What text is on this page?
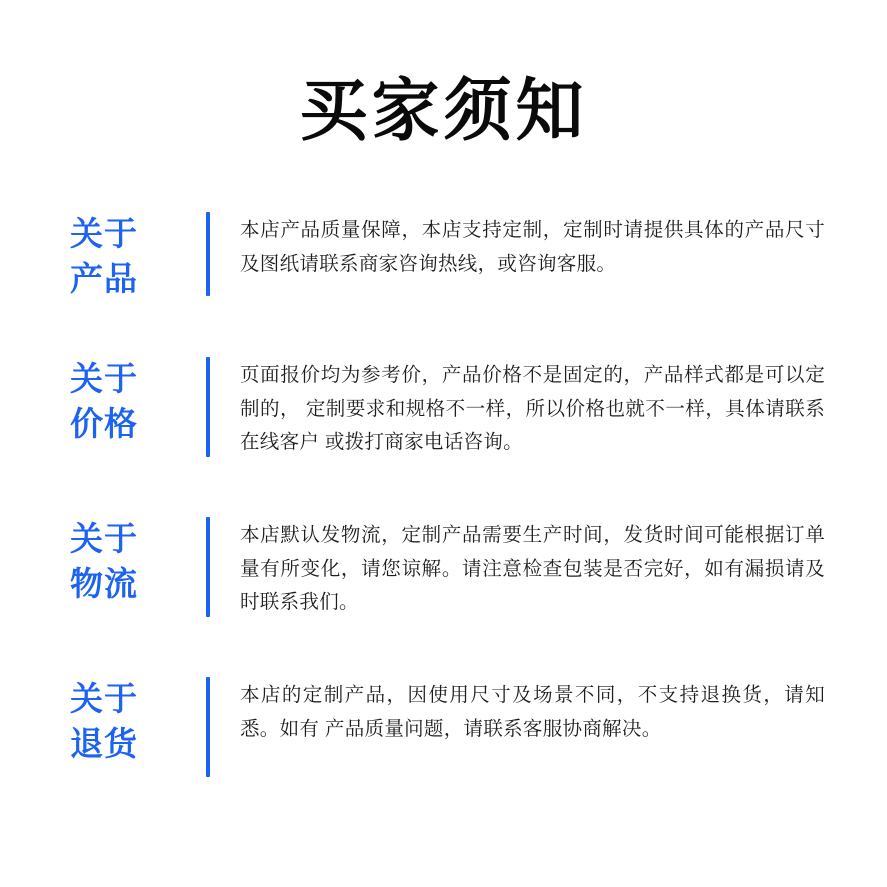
买家须知
关于
产品
本店产品质量保障，本店支持定制，定制时请提供具体的产品尺寸及图纸请联系商家咨询热线，或咨询客服。
关于
价格
页面报价均为参考价，产品价格不是固定的，产品样式都是可以定制的， 定制要求和规格不一样，所以价格也就不一样，具体请联系在线客户 或拨打商家电话咨询。
关于
物流
本店默认发物流，定制产品需要生产时间，发货时间可能根据订单量有所变化，请您谅解。请注意检查包装是否完好，如有漏损请及时联系我们。
关于
退货
本店的定制产品，因使用尺寸及场景不同，不支持退换货，请知悉。如有 产品质量问题，请联系客服协商解决。
